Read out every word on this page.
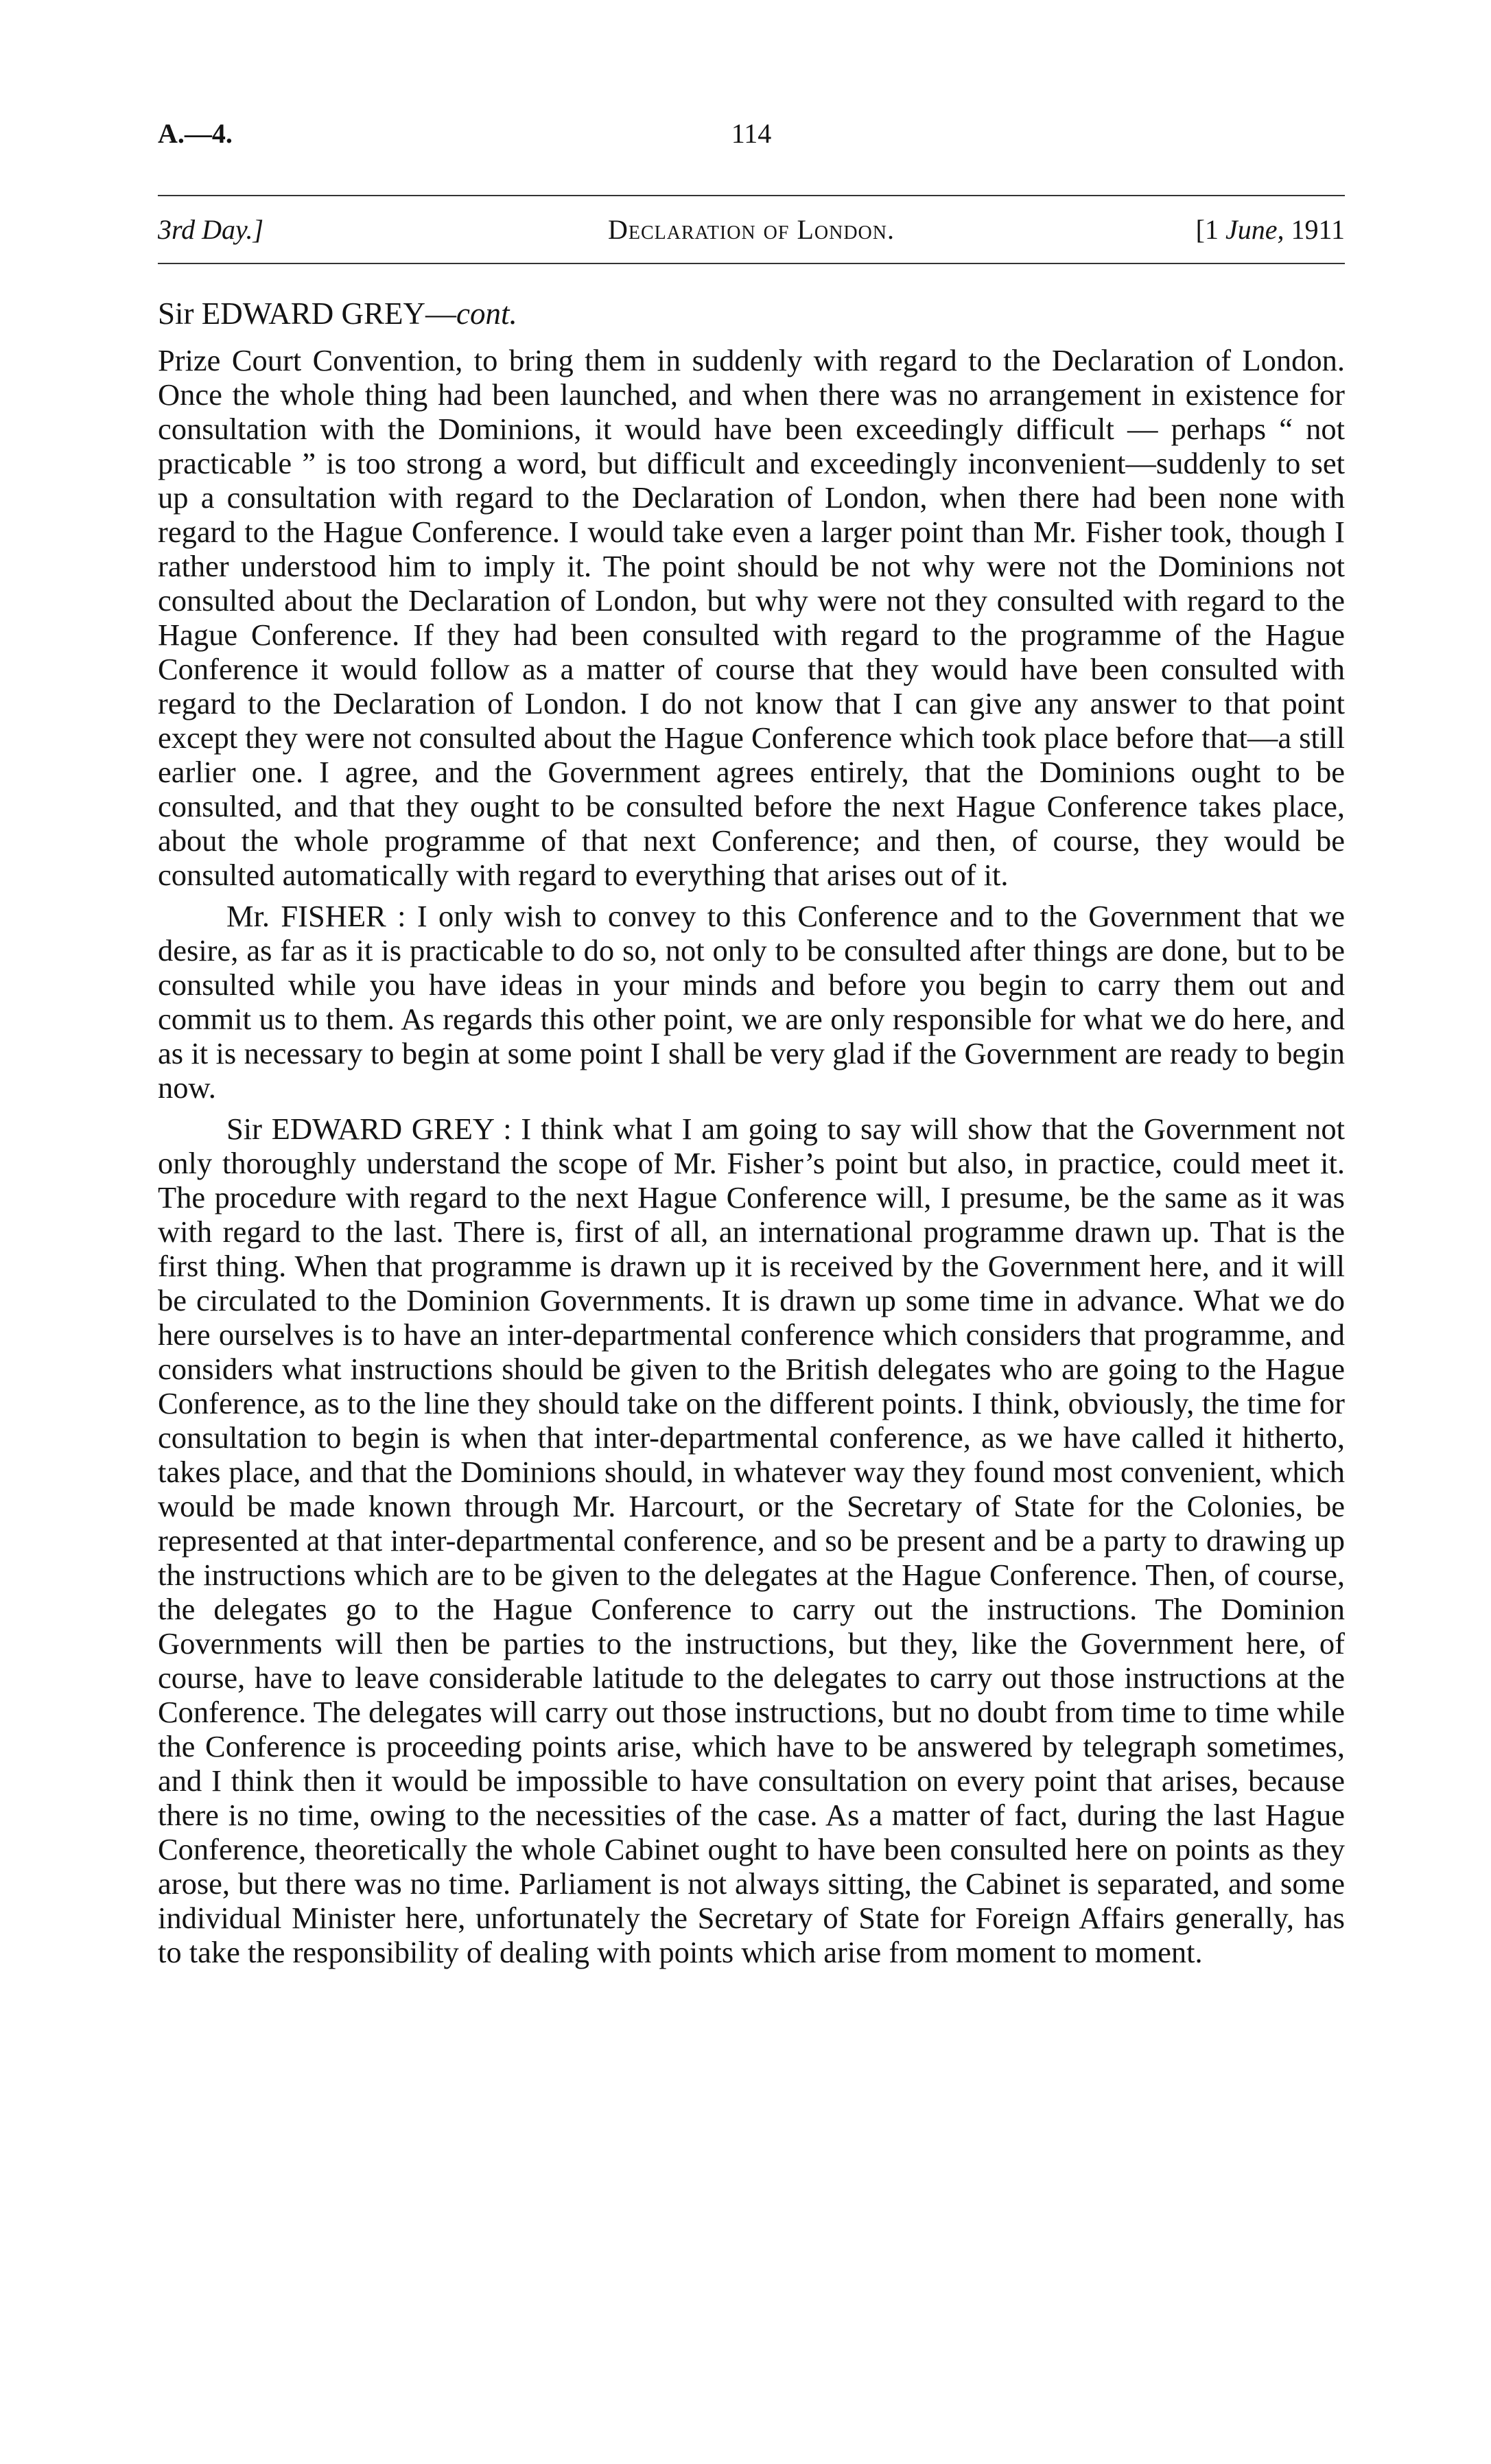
A.—4.	114
3rd Day.]	Declaration of London.	[1 June, 1911
Sir EDWARD GREY—cont.

Prize Court Convention, to bring them in suddenly with regard to the Declaration of London. Once the whole thing had been launched, and when there was no arrangement in existence for consultation with the Dominions, it would have been exceedingly difficult — perhaps “ not practicable ” is too strong a word, but difficult and exceedingly inconvenient—suddenly to set up a consultation with regard to the Declaration of London, when there had been none with regard to the Hague Conference. I would take even a larger point than Mr. Fisher took, though I rather understood him to imply it. The point should be not why were not the Dominions not consulted about the Declaration of London, but why were not they consulted with regard to the Hague Conference. If they had been consulted with regard to the programme of the Hague Conference it would follow as a matter of course that they would have been consulted with regard to the Declaration of London. I do not know that I can give any answer to that point except they were not consulted about the Hague Conference which took place before that—a still earlier one. I agree, and the Government agrees entirely, that the Dominions ought to be consulted, and that they ought to be consulted before the next Hague Conference takes place, about the whole programme of that next Conference; and then, of course, they would be consulted automatically with regard to everything that arises out of it.

Mr. FISHER : I only wish to convey to this Conference and to the Government that we desire, as far as it is practicable to do so, not only to be consulted after things are done, but to be consulted while you have ideas in your minds and before you begin to carry them out and commit us to them. As regards this other point, we are only responsible for what we do here, and as it is necessary to begin at some point I shall be very glad if the Government are ready to begin now.

Sir EDWARD GREY : I think what I am going to say will show that the Government not only thoroughly understand the scope of Mr. Fisher’s point but also, in practice, could meet it. The procedure with regard to the next Hague Conference will, I presume, be the same as it was with regard to the last. There is, first of all, an international programme drawn up. That is the first thing. When that programme is drawn up it is received by the Government here, and it will be circulated to the Dominion Governments. It is drawn up some time in advance. What we do here ourselves is to have an inter-departmental conference which considers that programme, and considers what instructions should be given to the British delegates who are going to the Hague Conference, as to the line they should take on the different points. I think, obviously, the time for consultation to begin is when that inter-departmental conference, as we have called it hitherto, takes place, and that the Dominions should, in whatever way they found most convenient, which would be made known through Mr. Harcourt, or the Secretary of State for the Colonies, be represented at that inter-departmental conference, and so be present and be a party to drawing up the instructions which are to be given to the delegates at the Hague Conference. Then, of course, the delegates go to the Hague Conference to carry out the instructions. The Dominion Governments will then be parties to the instructions, but they, like the Government here, of course, have to leave considerable latitude to the delegates to carry out those instructions at the Conference. The delegates will carry out those instructions, but no doubt from time to time while the Conference is proceeding points arise, which have to be answered by telegraph sometimes, and I think then it would be impossible to have consultation on every point that arises, because there is no time, owing to the necessities of the case. As a matter of fact, during the last Hague Conference, theoretically the whole Cabinet ought to have been consulted here on points as they arose, but there was no time. Parliament is not always sitting, the Cabinet is separated, and some individual Minister here, unfortunately the Secretary of State for Foreign Affairs generally, has to take the responsibility of dealing with points which arise from moment to moment.
